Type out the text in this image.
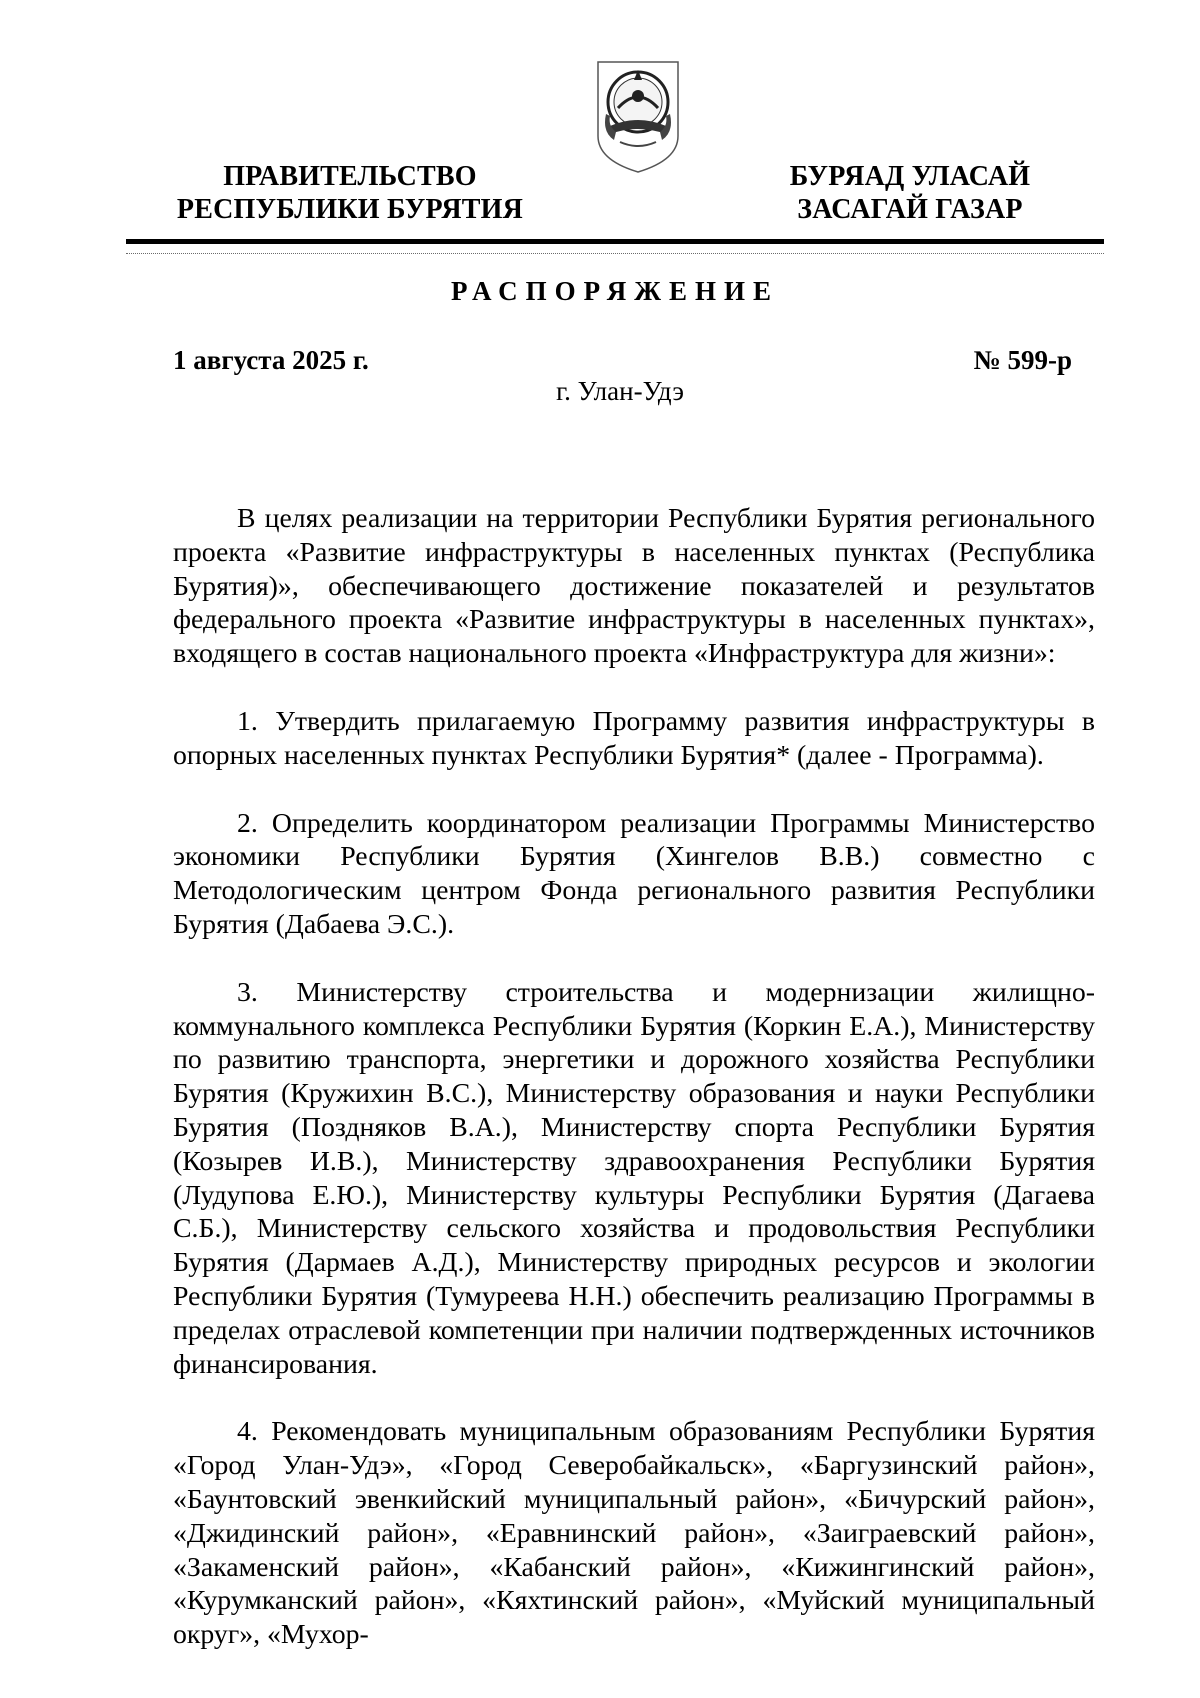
ПРАВИТЕЛЬСТВО
РЕСПУБЛИКИ БУРЯТИЯ
БУРЯАД УЛАСАЙ
ЗАСАГАЙ ГАЗАР
РАСПОРЯЖЕНИЕ
1 августа 2025 г.	№ 599-р
г. Улан-Удэ

В целях реализации на территории Республики Бурятия регионального проекта «Развитие инфраструктуры в населенных пунктах (Республика Бурятия)», обеспечивающего достижение показателей и результатов федерального проекта «Развитие инфраструктуры в населенных пунктах», входящего в состав национального проекта «Инфраструктура для жизни»:

1. Утвердить прилагаемую Программу развития инфраструктуры в опорных населенных пунктах Республики Бурятия* (далее - Программа).

2. Определить координатором реализации Программы Министерство экономики Республики Бурятия (Хингелов В.В.) совместно с Методологическим центром Фонда регионального развития Республики Бурятия (Дабаева Э.С.).

3. Министерству строительства и модернизации жилищно-коммунального комплекса Республики Бурятия (Коркин Е.А.), Министерству по развитию транспорта, энергетики и дорожного хозяйства Республики Бурятия (Кружихин В.С.), Министерству образования и науки Республики Бурятия (Поздняков В.А.), Министерству спорта Республики Бурятия (Козырев И.В.), Министерству здравоохранения Республики Бурятия (Лудупова Е.Ю.), Министерству культуры Республики Бурятия (Дагаева С.Б.), Министерству сельского хозяйства и продовольствия Республики Бурятия (Дармаев А.Д.), Министерству природных ресурсов и экологии Республики Бурятия (Тумуреева Н.Н.) обеспечить реализацию Программы в пределах отраслевой компетенции при наличии подтвержденных источников финансирования.

4. Рекомендовать муниципальным образованиям Республики Бурятия «Город Улан-Удэ», «Город Северобайкальск», «Баргузинский район», «Баунтовский эвенкийский муниципальный район», «Бичурский район», «Джидинский район», «Еравнинский район», «Заиграевский район», «Закаменский район», «Кабанский район», «Кижингинский район», «Курумканский район», «Кяхтинский район», «Муйский муниципальный округ», «Мухор-
